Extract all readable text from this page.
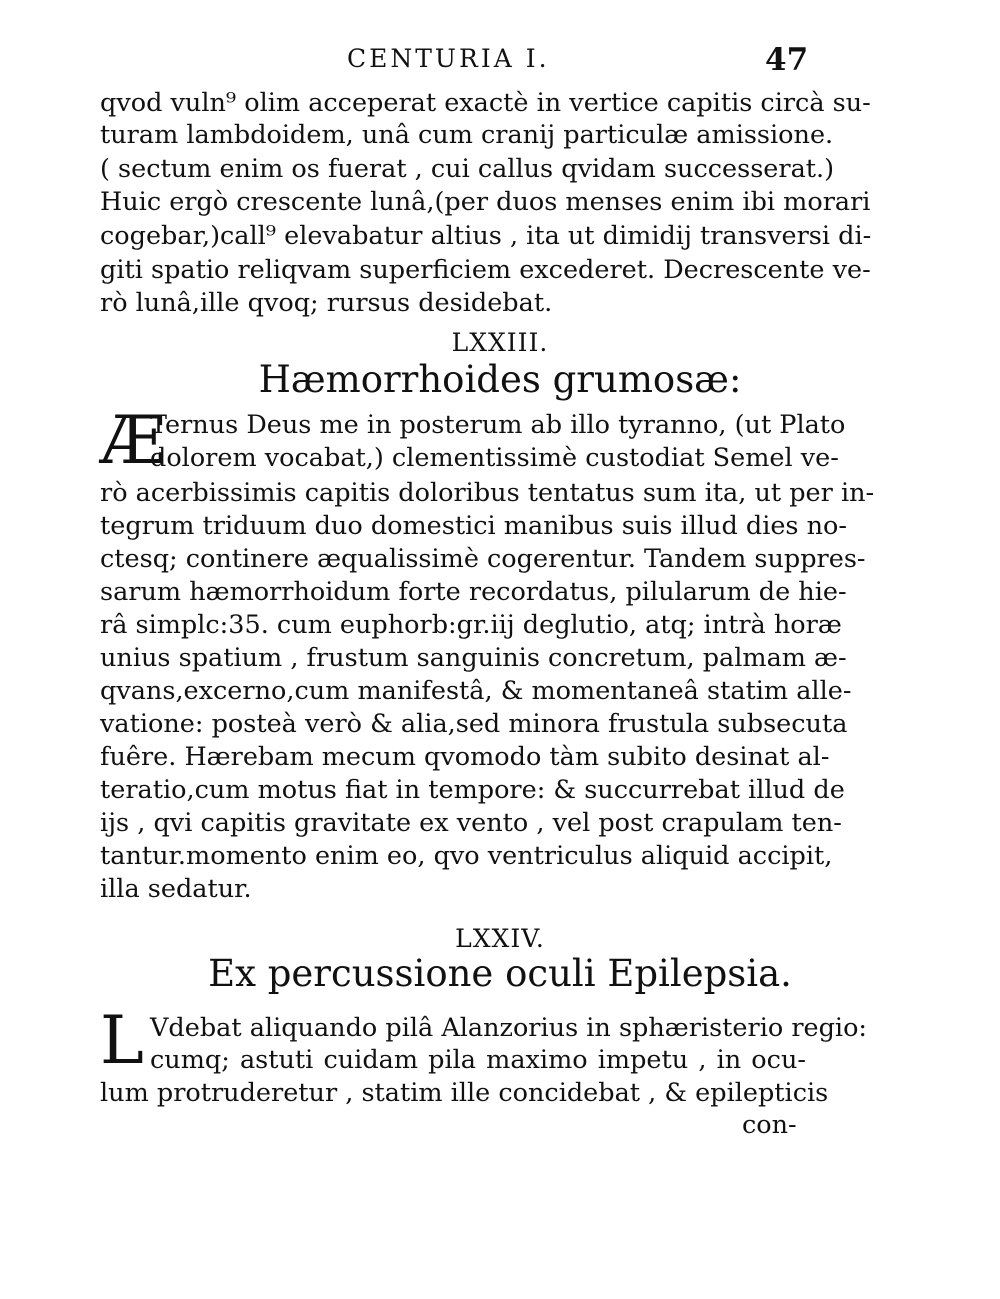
CENTURIA I.	47
qvod vuln⁹ olim acceperat exactè in vertice capitis circà su-
turam lambdoidem, unâ cum cranij particulæ amissione.
( sectum enim os fuerat , cui callus qvidam successerat.)
Huic ergò crescente lunâ,(per duos menses enim ibi morari
cogebar,)call⁹ elevabatur altius , ita ut dimidij transversi di-
giti spatio reliqvam superficiem excederet. Decrescente ve-
rò lunâ,ille qvoq; rursus desidebat.
LXXIII.
Hæmorrhoides grumosæ:
Æ
Ternus Deus me in posterum ab illo tyranno, (ut Plato
dolorem vocabat,) clementissimè custodiat Semel ve-
rò acerbissimis capitis doloribus tentatus sum ita, ut per in-
tegrum triduum duo domestici manibus suis illud dies no-
ctesq; continere æqualissimè cogerentur. Tandem suppres-
sarum hæmorrhoidum forte recordatus, pilularum de hie-
râ simplc:35. cum euphorb:gr.iij deglutio, atq; intrà horæ
unius spatium , frustum sanguinis concretum, palmam æ-
qvans,excerno,cum manifestâ, & momentaneâ statim alle-
vatione: posteà verò & alia,sed minora frustula subsecuta
fuêre. Hærebam mecum qvomodo tàm subito desinat al-
teratio,cum motus fiat in tempore: & succurrebat illud de
ijs , qvi capitis gravitate ex vento , vel post crapulam ten-
tantur.momento enim eo, qvo ventriculus aliquid accipit,
illa sedatur.
LXXIV.
Ex percussione oculi Epilepsia.
L Vdebat aliquando pilâ Alanzorius in sphæristerio regio:
cumq; astuti cuidam pila maximo impetu , in ocu-
lum protruderetur , statim ille concidebat , & epilepticis
con-
